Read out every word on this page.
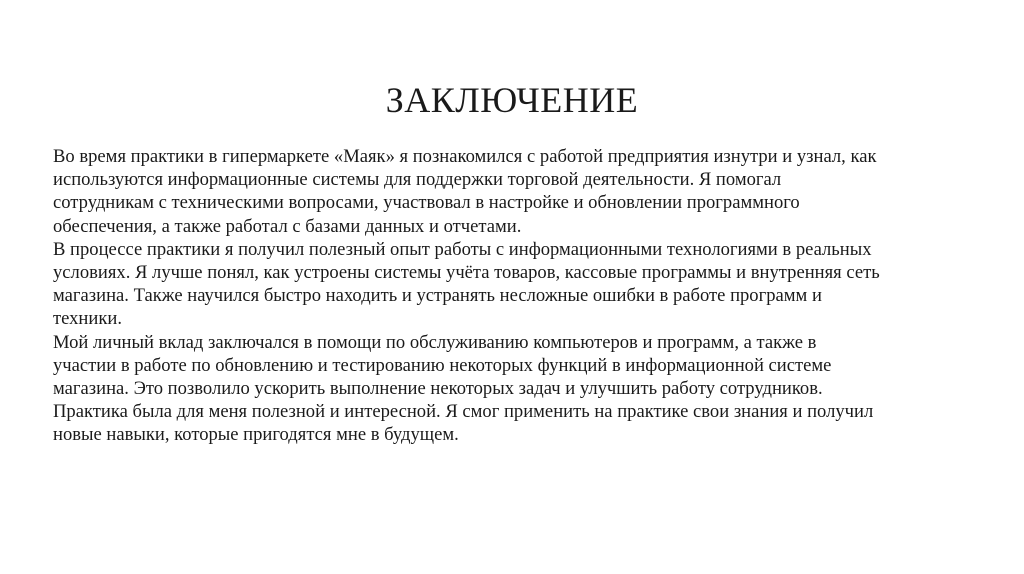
ЗАКЛЮЧЕНИЕ
Во время практики в гипермаркете «Маяк» я познакомился с работой предприятия изнутри и узнал, как
используются информационные системы для поддержки торговой деятельности. Я помогал
сотрудникам с техническими вопросами, участвовал в настройке и обновлении программного
обеспечения, а также работал с базами данных и отчетами.
В процессе практики я получил полезный опыт работы с информационными технологиями в реальных
условиях. Я лучше понял, как устроены системы учёта товаров, кассовые программы и внутренняя сеть
магазина. Также научился быстро находить и устранять несложные ошибки в работе программ и
техники.
Мой личный вклад заключался в помощи по обслуживанию компьютеров и программ, а также в
участии в работе по обновлению и тестированию некоторых функций в информационной системе
магазина. Это позволило ускорить выполнение некоторых задач и улучшить работу сотрудников.
Практика была для меня полезной и интересной. Я смог применить на практике свои знания и получил
новые навыки, которые пригодятся мне в будущем.
